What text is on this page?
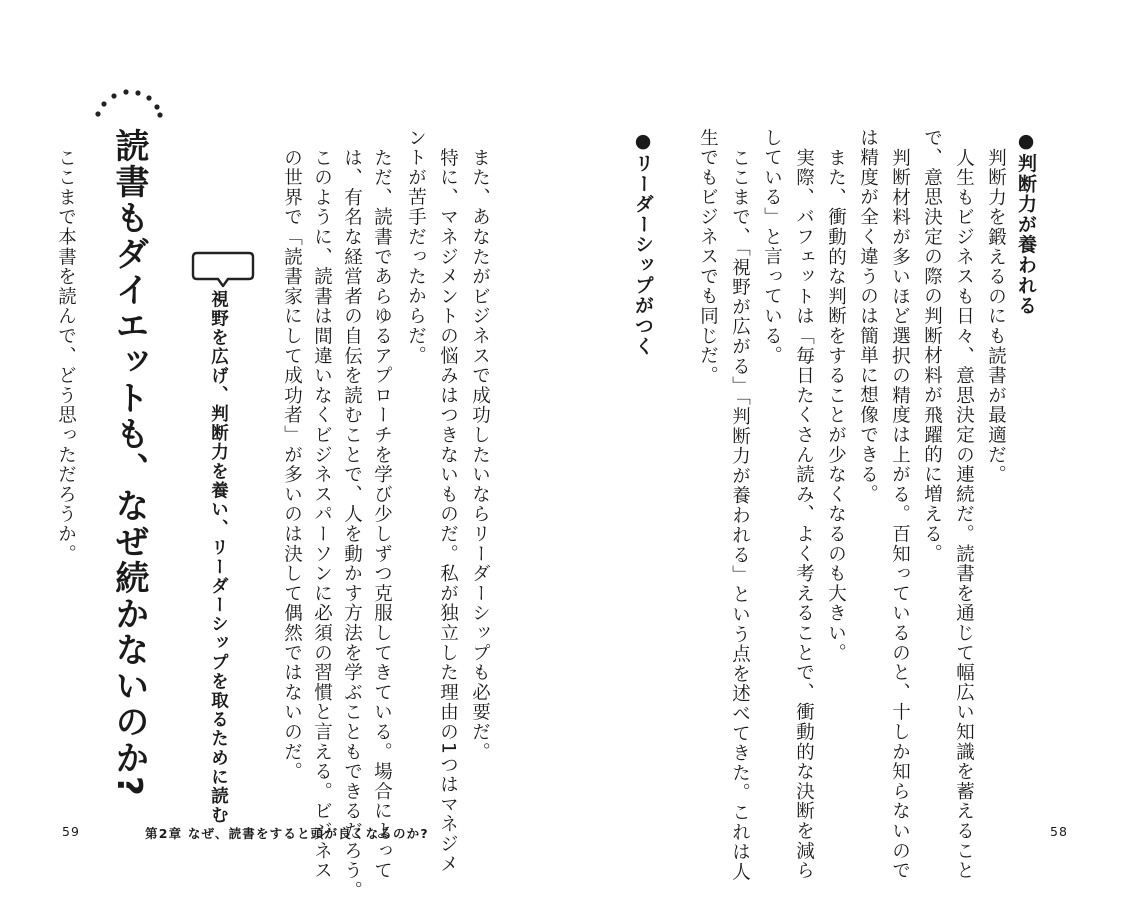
読書もダイエットも、なぜ続かないのか?
ここまで本書を読んで、どう思っただろうか。	視野を広げ、判断力を養い、リーダーシップを取るために読む	の世界で「読書家にして成功者」が多いのは決して偶然ではないのだ。 このように、読書は間違いなくビジネスパーソンに必須の習慣と言える。ビジネス は、有名な経営者の自伝を読むことで、人を動かす方法を学ぶこともできるだろう。 ただ、読書であらゆるアプローチを学び少しずつ克服してきている。場合によって ントが苦手だったからだ。 特に、マネジメントの悩みはつきないものだ。私が独立した理由の1つはマネジメ また、あなたがビジネスで成功したいならリーダーシップも必要だ。	●リーダーシップがつく 生でもビジネスでも同じだ。 ここまで、「視野が広がる」「判断力が養われる」という点を述べてきた。これは人 している」と言っている。 実際、バフェットは「毎日たくさん読み、よく考えることで、衝動的な決断を減ら また、衝動的な判断をすることが少なくなるのも大きい。 は精度が全く違うのは簡単に想像できる。 判断材料が多いほど選択の精度は上がる。百知っているのと、十しか知らないので で、意思決定の際の判断材料が飛躍的に増える。 人生もビジネスも日々、意思決定の連続だ。読書を通じて幅広い知識を蓄えること 判断力を鍛えるのにも読書が最適だ。 ●判断力が養われる
59	第2章 なぜ、読書をすると頭が良くなるのか?	58
